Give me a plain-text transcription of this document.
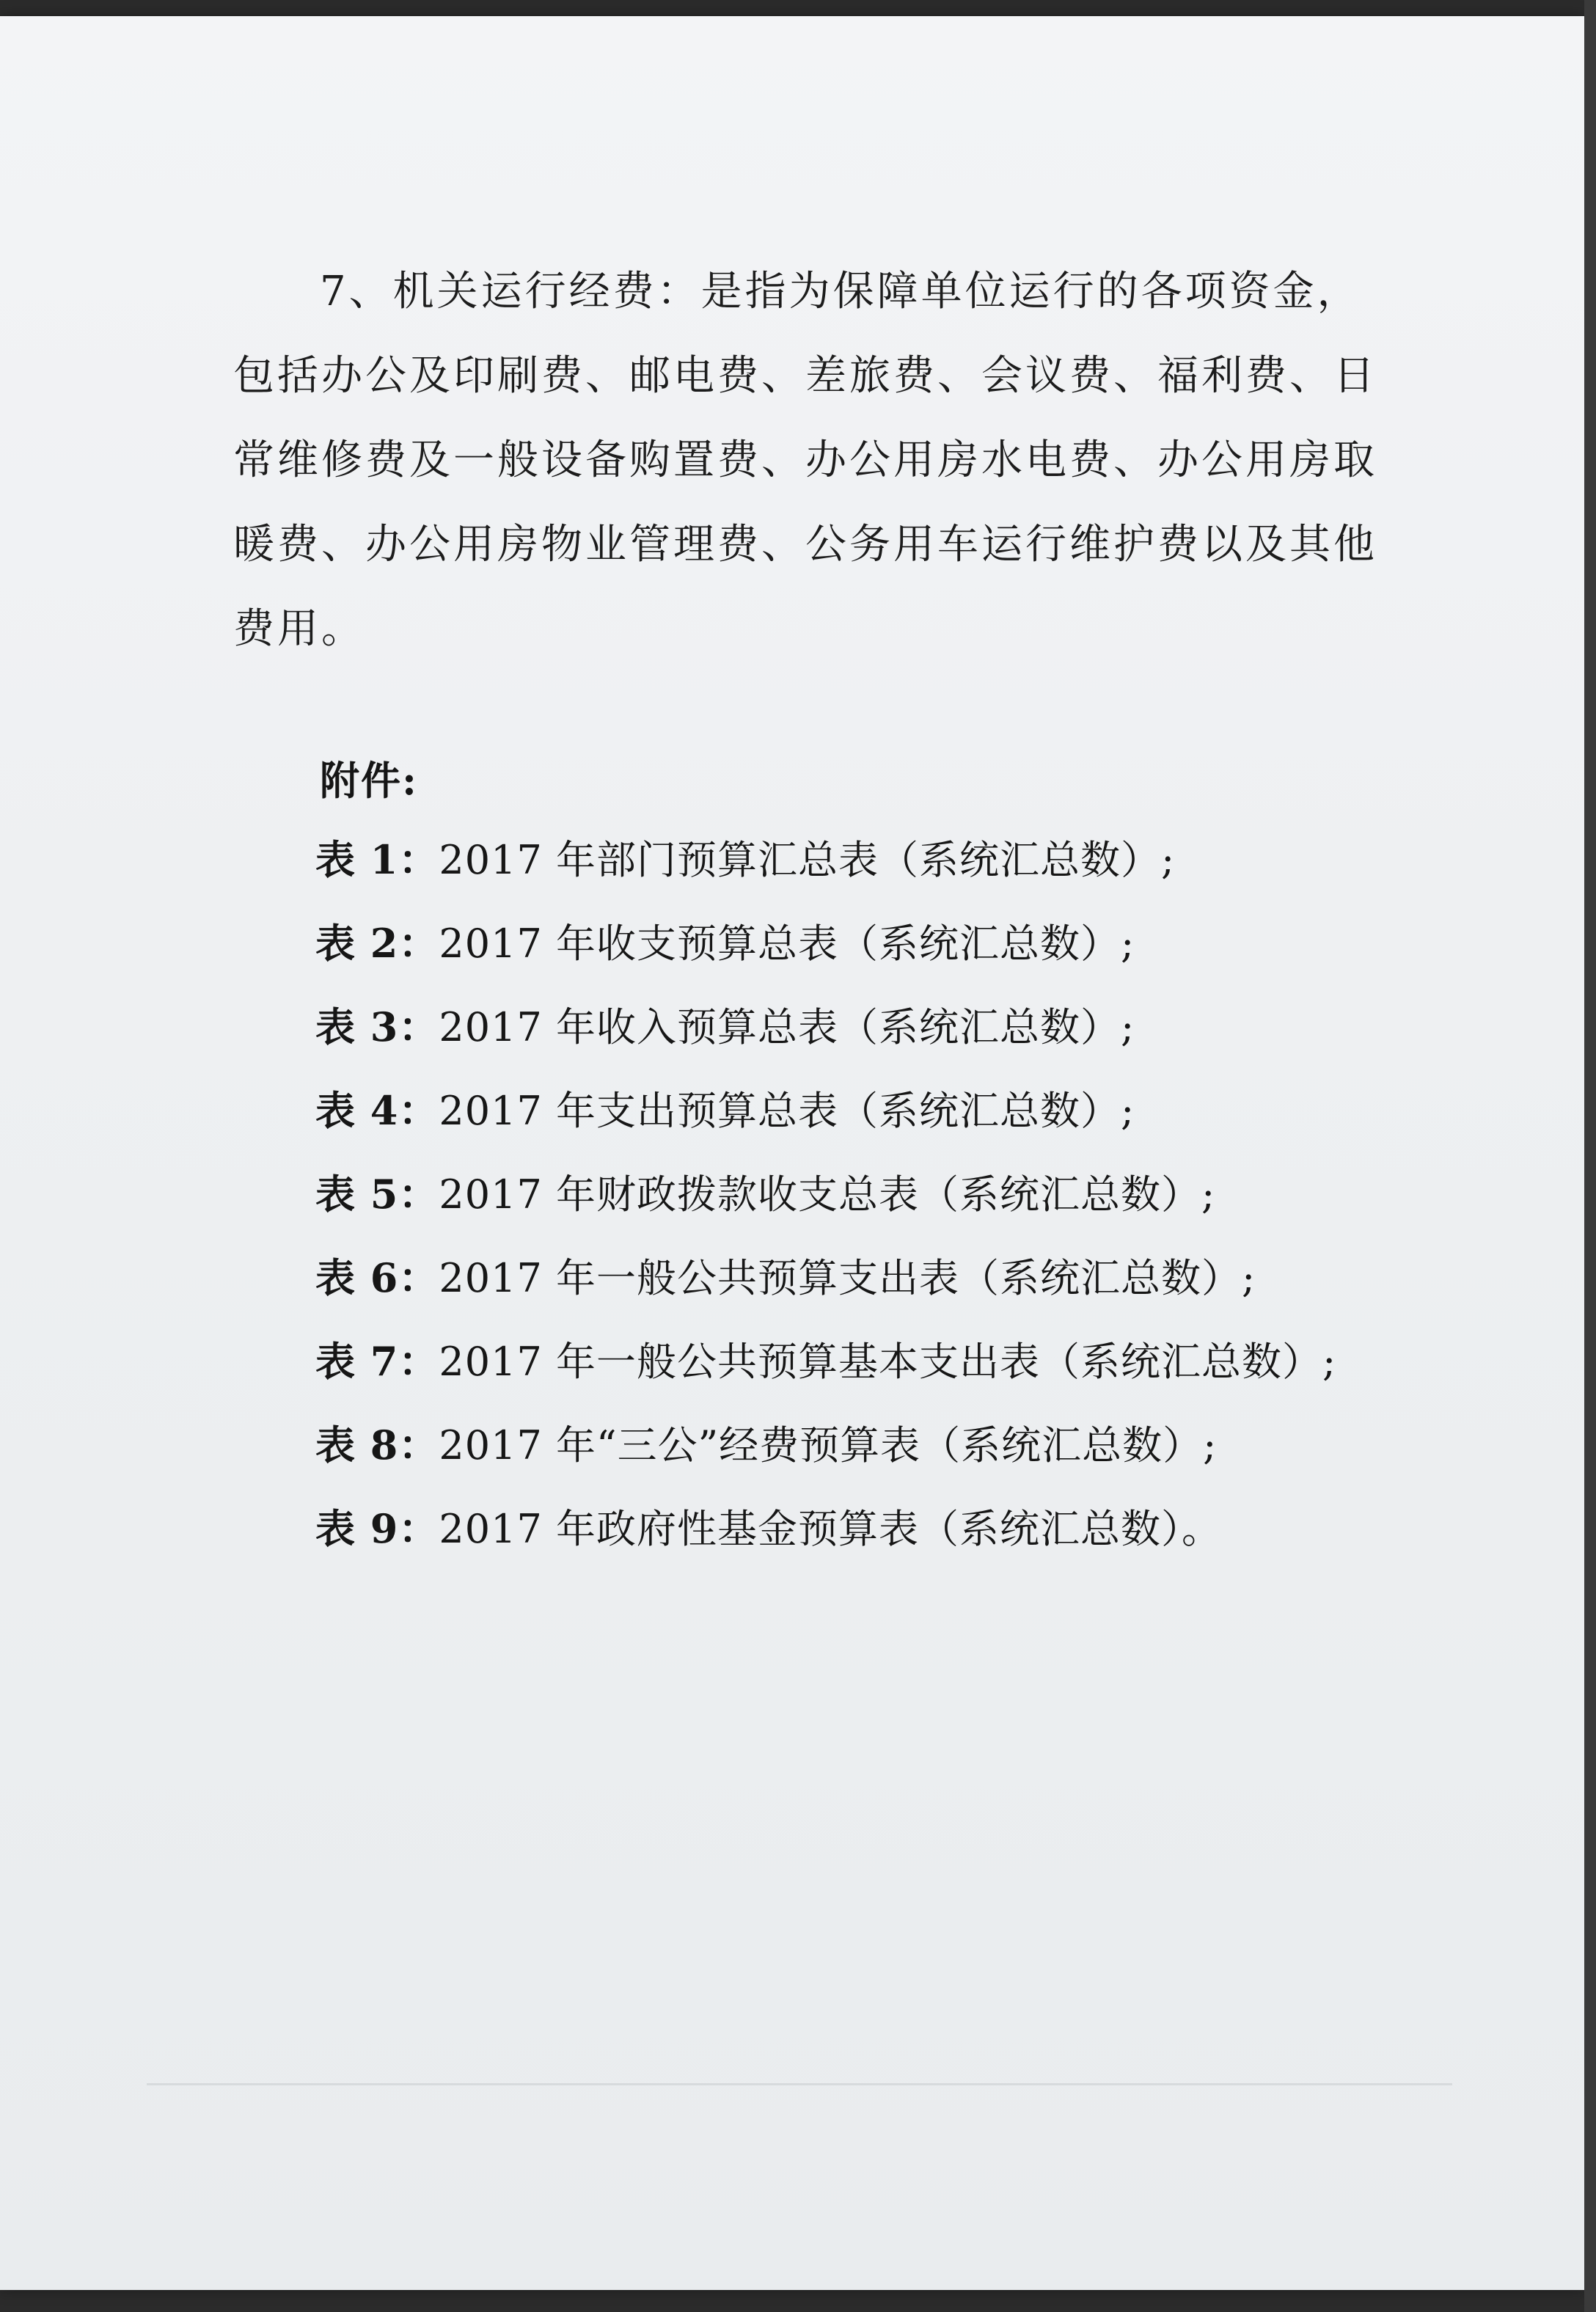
7、机关运行经费：是指为保障单位运行的各项资金，
包括办公及印刷费、邮电费、差旅费、会议费、福利费、日
常维修费及一般设备购置费、办公用房水电费、办公用房取
暖费、办公用房物业管理费、公务用车运行维护费以及其他
费用。
附件:
表 1：2017 年部门预算汇总表（系统汇总数）;
表 2：2017 年收支预算总表（系统汇总数）;
表 3：2017 年收入预算总表（系统汇总数）;
表 4：2017 年支出预算总表（系统汇总数）;
表 5：2017 年财政拨款收支总表（系统汇总数）;
表 6：2017 年一般公共预算支出表（系统汇总数）;
表 7：2017 年一般公共预算基本支出表（系统汇总数）;
表 8：2017 年“三公”经费预算表（系统汇总数）;
表 9：2017 年政府性基金预算表（系统汇总数）。
